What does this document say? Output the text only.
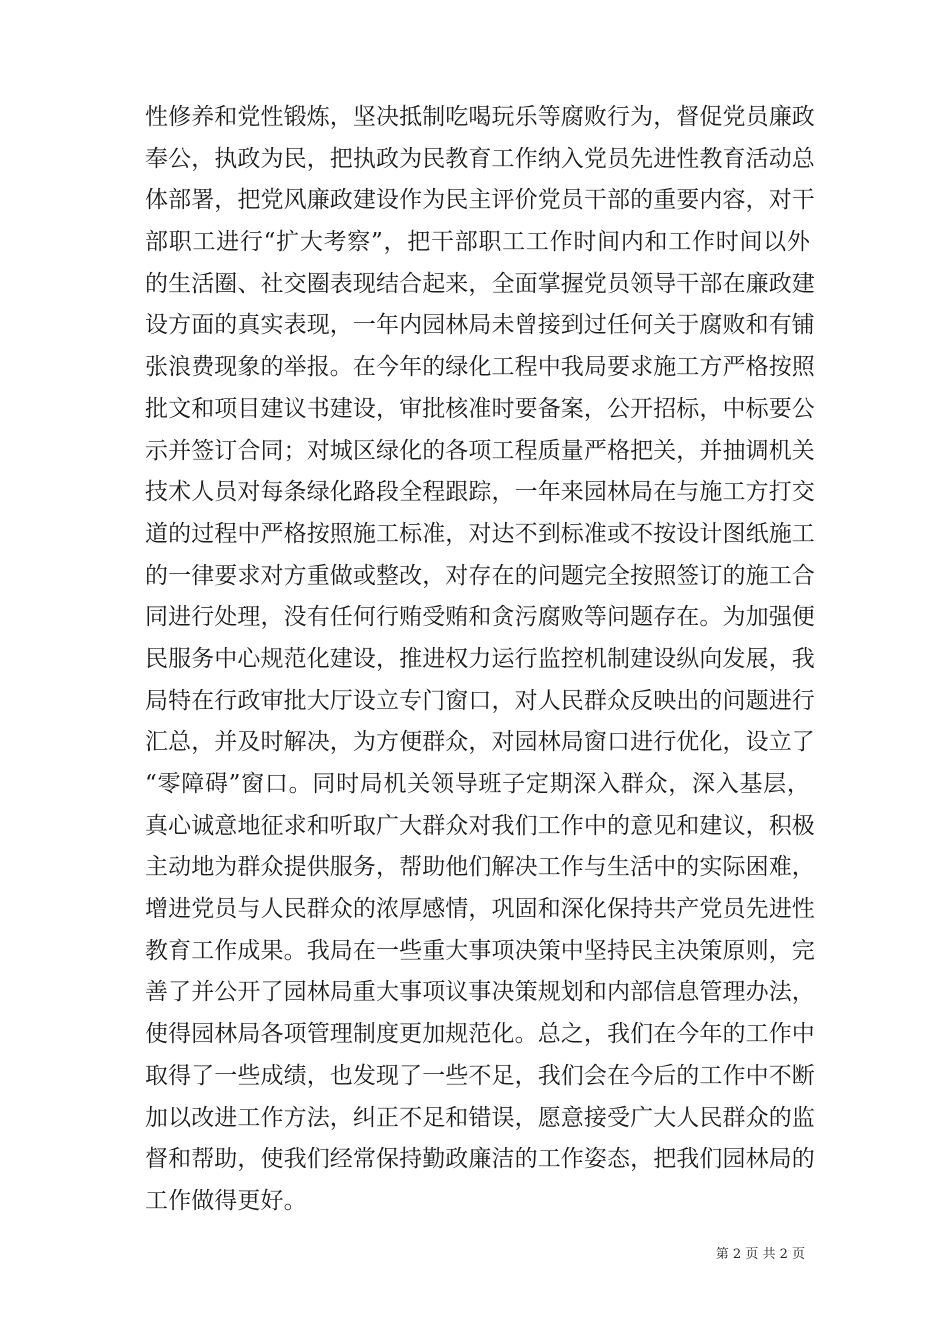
性修养和党性锻炼，坚决抵制吃喝玩乐等腐败行为，督促党员廉政
奉公，执政为民，把执政为民教育工作纳入党员先进性教育活动总
体部署，把党风廉政建设作为民主评价党员干部的重要内容，对干
部职工进行“扩大考察”，把干部职工工作时间内和工作时间以外
的生活圈、社交圈表现结合起来，全面掌握党员领导干部在廉政建
设方面的真实表现，一年内园林局未曾接到过任何关于腐败和有铺
张浪费现象的举报。在今年的绿化工程中我局要求施工方严格按照
批文和项目建议书建设，审批核准时要备案，公开招标，中标要公
示并签订合同；对城区绿化的各项工程质量严格把关，并抽调机关
技术人员对每条绿化路段全程跟踪，一年来园林局在与施工方打交
道的过程中严格按照施工标准，对达不到标准或不按设计图纸施工
的一律要求对方重做或整改，对存在的问题完全按照签订的施工合
同进行处理，没有任何行贿受贿和贪污腐败等问题存在。为加强便
民服务中心规范化建设，推进权力运行监控机制建设纵向发展，我
局特在行政审批大厅设立专门窗口，对人民群众反映出的问题进行
汇总，并及时解决，为方便群众，对园林局窗口进行优化，设立了
“零障碍”窗口。同时局机关领导班子定期深入群众，深入基层，
真心诚意地征求和听取广大群众对我们工作中的意见和建议，积极
主动地为群众提供服务，帮助他们解决工作与生活中的实际困难，
增进党员与人民群众的浓厚感情，巩固和深化保持共产党员先进性
教育工作成果。我局在一些重大事项决策中坚持民主决策原则，完
善了并公开了园林局重大事项议事决策规划和内部信息管理办法，
使得园林局各项管理制度更加规范化。总之，我们在今年的工作中
取得了一些成绩，也发现了一些不足，我们会在今后的工作中不断
加以改进工作方法，纠正不足和错误，愿意接受广大人民群众的监
督和帮助，使我们经常保持勤政廉洁的工作姿态，把我们园林局的
工作做得更好。
第 2 页 共 2 页
